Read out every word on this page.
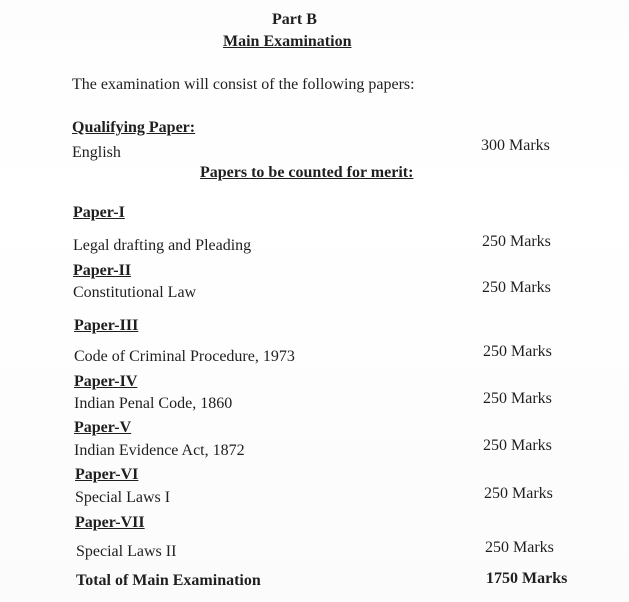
Part B
Main Examination
The examination will consist of the following papers:
Qualifying Paper:
English	300 Marks
Papers to be counted for merit:
Paper-I
Legal drafting and Pleading	250 Marks
Paper-II
Constitutional Law	250 Marks
Paper-III
Code of Criminal Procedure, 1973	250 Marks
Paper-IV
Indian Penal Code, 1860	250 Marks
Paper-V
Indian Evidence Act, 1872	250 Marks
Paper-VI
Special Laws I	250 Marks
Paper-VII
Special Laws II	250 Marks
Total of Main Examination	1750 Marks
